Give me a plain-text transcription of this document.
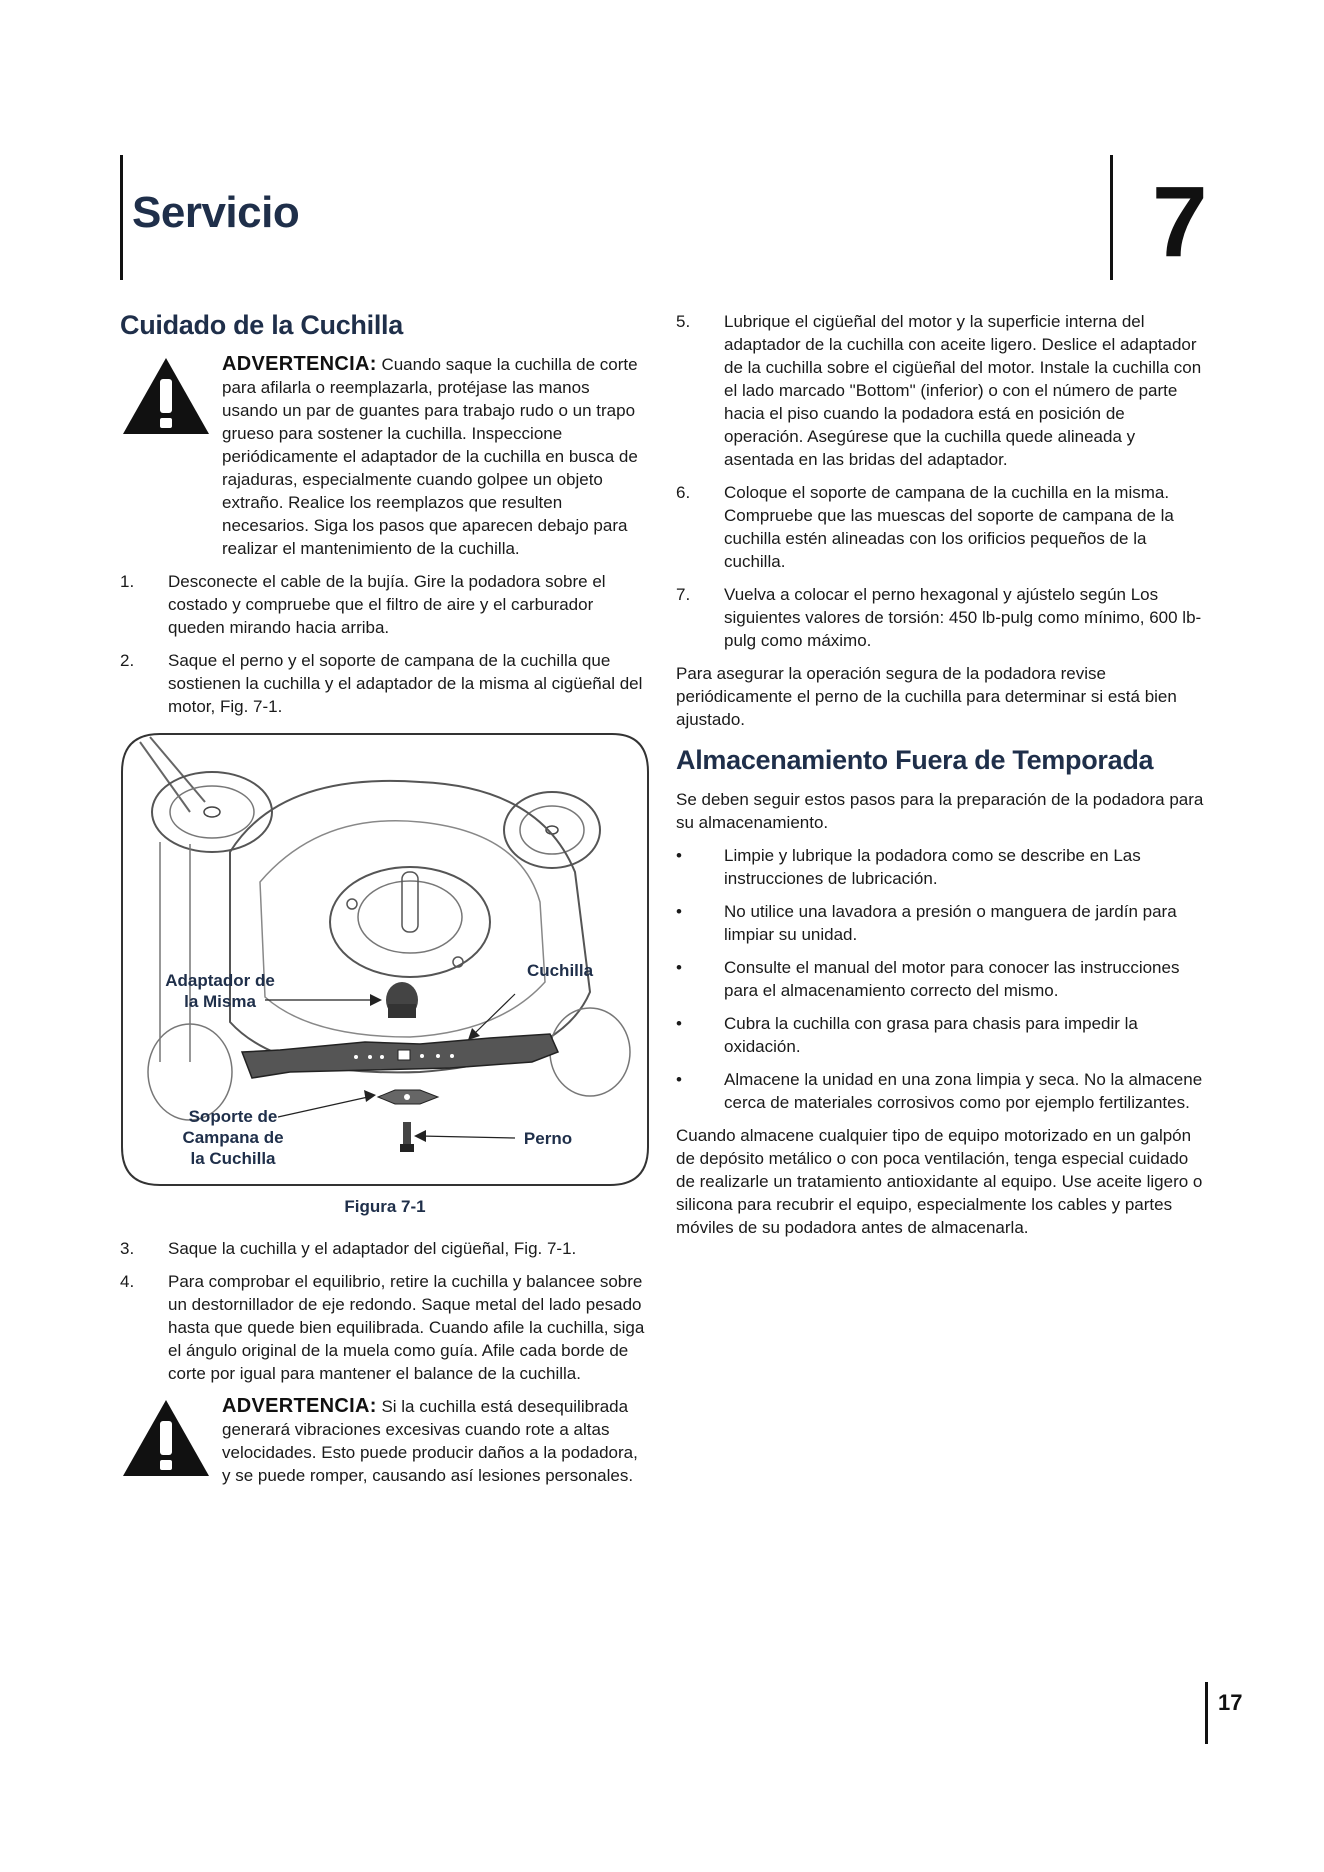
Servicio	7
Cuidado de la Cuchilla
ADVERTENCIA: Cuando saque la cuchilla de corte para afilarla o reemplazarla, protéjase las manos usando un par de guantes para trabajo rudo o un trapo grueso para sostener la cuchilla. Inspeccione periódicamente el adaptador de la cuchilla en busca de rajaduras, especialmente cuando golpee un objeto extraño. Realice los reemplazos que resulten necesarios. Siga los pasos que aparecen debajo para realizar el mantenimiento de la cuchilla.
1. Desconecte el cable de la bujía. Gire la podadora sobre el costado y compruebe que el filtro de aire y el carburador queden mirando hacia arriba.
2. Saque el perno y el soporte de campana de la cuchilla que sostienen la cuchilla y el adaptador de la misma al cigüeñal del motor, Fig. 7-1.
Adaptador de
la Misma
Cuchilla
Soporte de
Campana de
la Cuchilla
Perno
Figura 7-1
3. Saque la cuchilla y el adaptador del cigüeñal, Fig. 7-1.
4. Para comprobar el equilibrio, retire la cuchilla y balancee sobre un destornillador de eje redondo. Saque metal del lado pesado hasta que quede bien equilibrada. Cuando afile la cuchilla, siga el ángulo original de la muela como guía. Afile cada borde de corte por igual para mantener el balance de la cuchilla.
ADVERTENCIA: Si la cuchilla está desequilibrada generará vibraciones excesivas cuando rote a altas velocidades. Esto puede producir daños a la podadora, y se puede romper, causando así lesiones personales.
5. Lubrique el cigüeñal del motor y la superficie interna del adaptador de la cuchilla con aceite ligero. Deslice el adaptador de la cuchilla sobre el cigüeñal del motor. Instale la cuchilla con el lado marcado "Bottom" (inferior) o con el número de parte hacia el piso cuando la podadora está en posición de operación. Asegúrese que la cuchilla quede alineada y asentada en las bridas del adaptador.
6. Coloque el soporte de campana de la cuchilla en la misma. Compruebe que las muescas del soporte de campana de la cuchilla estén alineadas con los orificios pequeños de la cuchilla.
7. Vuelva a colocar el perno hexagonal y ajústelo según Los siguientes valores de torsión: 450 lb-pulg como mínimo, 600 lb-pulg como máximo.

Para asegurar la operación segura de la podadora revise periódicamente el perno de la cuchilla para determinar si está bien ajustado.

Almacenamiento Fuera de Temporada

Se deben seguir estos pasos para la preparación de la podadora para su almacenamiento.

• Limpie y lubrique la podadora como se describe en Las instrucciones de lubricación.
• No utilice una lavadora a presión o manguera de jardín para limpiar su unidad.
• Consulte el manual del motor para conocer las instrucciones para el almacenamiento correcto del mismo.
• Cubra la cuchilla con grasa para chasis para impedir la oxidación.
• Almacene la unidad en una zona limpia y seca. No la almacene cerca de materiales corrosivos como por ejemplo fertilizantes.

Cuando almacene cualquier tipo de equipo motorizado en un galpón de depósito metálico o con poca ventilación, tenga especial cuidado de realizarle un tratamiento antioxidante al equipo. Use aceite ligero o silicona para recubrir el equipo, especialmente los cables y partes móviles de su podadora antes de almacenarla.

17
